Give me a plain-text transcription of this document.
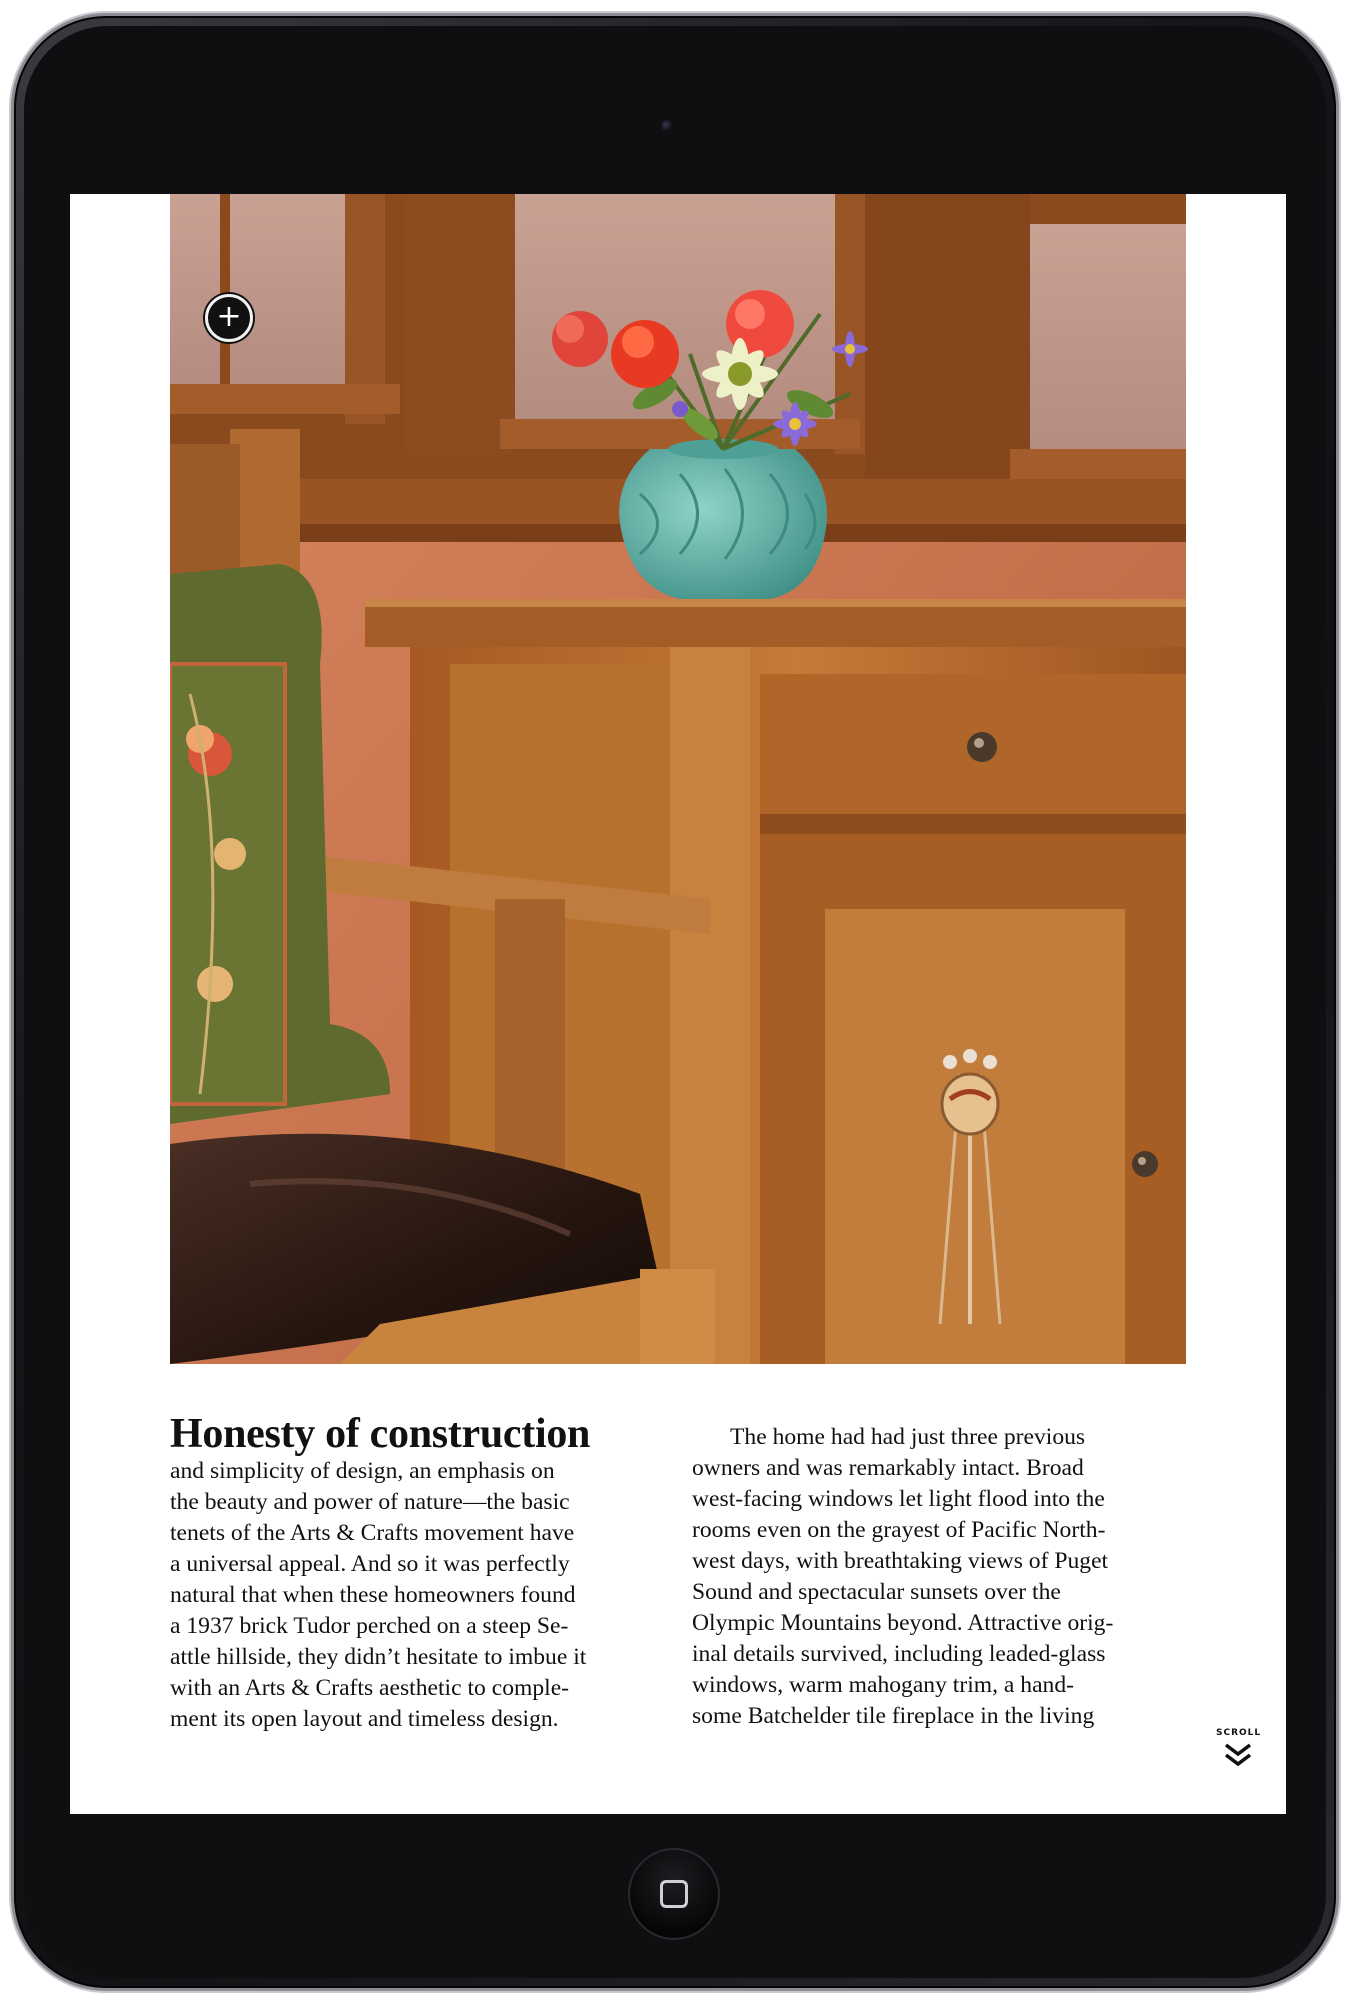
+
Honesty of construction
and simplicity of design, an emphasis on
the beauty and power of nature—the basic
tenets of the Arts & Crafts movement have
a universal appeal. And so it was perfectly
natural that when these homeowners found
a 1937 brick Tudor perched on a steep Se-
attle hillside, they didn’t hesitate to imbue it
with an Arts & Crafts aesthetic to comple-
ment its open layout and timeless design.
The home had had just three previous
owners and was remarkably intact. Broad
west-facing windows let light flood into the
rooms even on the grayest of Pacific North-
west days, with breathtaking views of Puget
Sound and spectacular sunsets over the
Olympic Mountains beyond. Attractive orig-
inal details survived, including leaded-glass
windows, warm mahogany trim, a hand-
some Batchelder tile fireplace in the living
SCROLL
